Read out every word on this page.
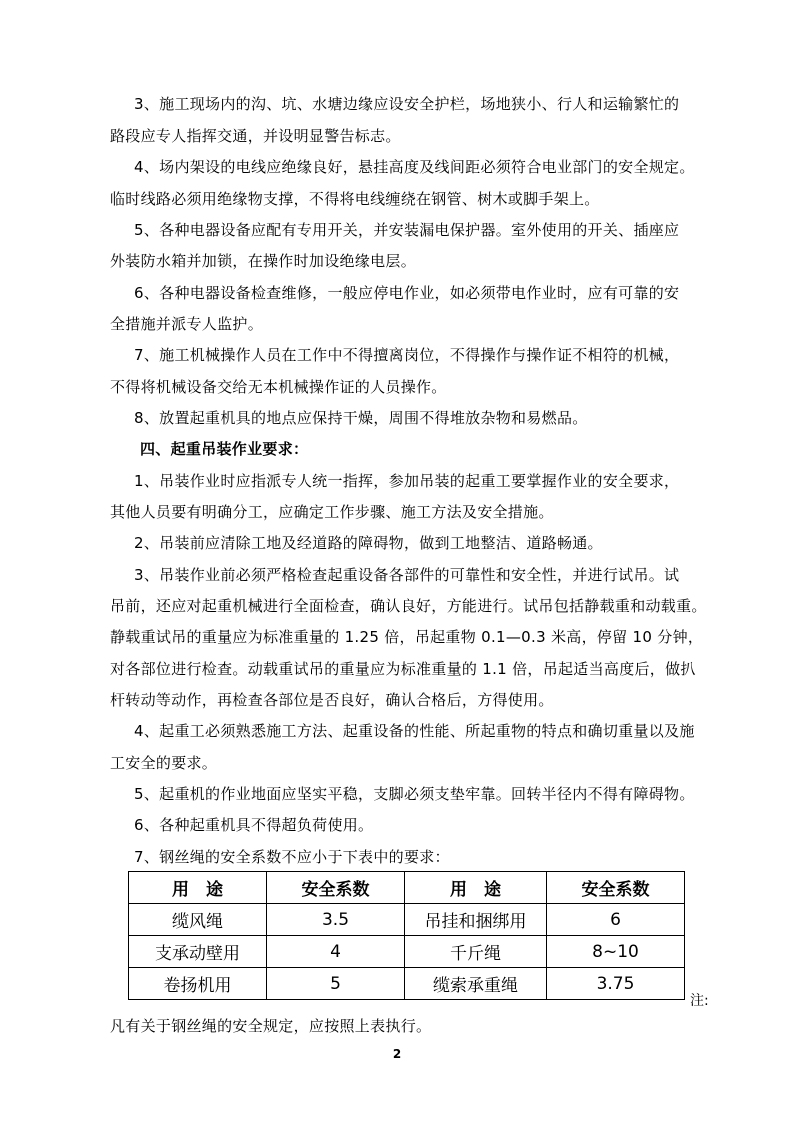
3、施工现场内的沟、坑、水塘边缘应设安全护栏，场地狭小、行人和运输繁忙的
路段应专人指挥交通，并设明显警告标志。
4、场内架设的电线应绝缘良好，悬挂高度及线间距必须符合电业部门的安全规定。
临时线路必须用绝缘物支撑，不得将电线缠绕在钢管、树木或脚手架上。
5、各种电器设备应配有专用开关，并安装漏电保护器。室外使用的开关、插座应
外装防水箱并加锁，在操作时加设绝缘电层。
6、各种电器设备检查维修，一般应停电作业，如必须带电作业时，应有可靠的安
全措施并派专人监护。
7、施工机械操作人员在工作中不得擅离岗位，不得操作与操作证不相符的机械，
不得将机械设备交给无本机械操作证的人员操作。
8、放置起重机具的地点应保持干燥，周围不得堆放杂物和易燃品。
四、起重吊装作业要求：
1、吊装作业时应指派专人统一指挥，参加吊装的起重工要掌握作业的安全要求，
其他人员要有明确分工，应确定工作步骤、施工方法及安全措施。
2、吊装前应清除工地及经道路的障碍物，做到工地整洁、道路畅通。
3、吊装作业前必须严格检查起重设备各部件的可靠性和安全性，并进行试吊。试
吊前，还应对起重机械进行全面检查，确认良好，方能进行。试吊包括静载重和动载重。
静载重试吊的重量应为标准重量的 1.25 倍，吊起重物 0.1—0.3 米高，停留 10 分钟，
对各部位进行检查。动载重试吊的重量应为标准重量的 1.1 倍，吊起适当高度后，做扒
杆转动等动作，再检查各部位是否良好，确认合格后，方得使用。
4、起重工必须熟悉施工方法、起重设备的性能、所起重物的特点和确切重量以及施
工安全的要求。
5、起重机的作业地面应坚实平稳，支脚必须支垫牢靠。回转半径内不得有障碍物。
6、各种起重机具不得超负荷使用。
7、钢丝绳的安全系数不应小于下表中的要求：
用　途	安全系数	用　途	安全系数
缆风绳	3.5	吊挂和捆绑用	6
支承动壁用	4	千斤绳	8~10
卷扬机用	5	缆索承重绳	3.75
注:
凡有关于钢丝绳的安全规定，应按照上表执行。
2
